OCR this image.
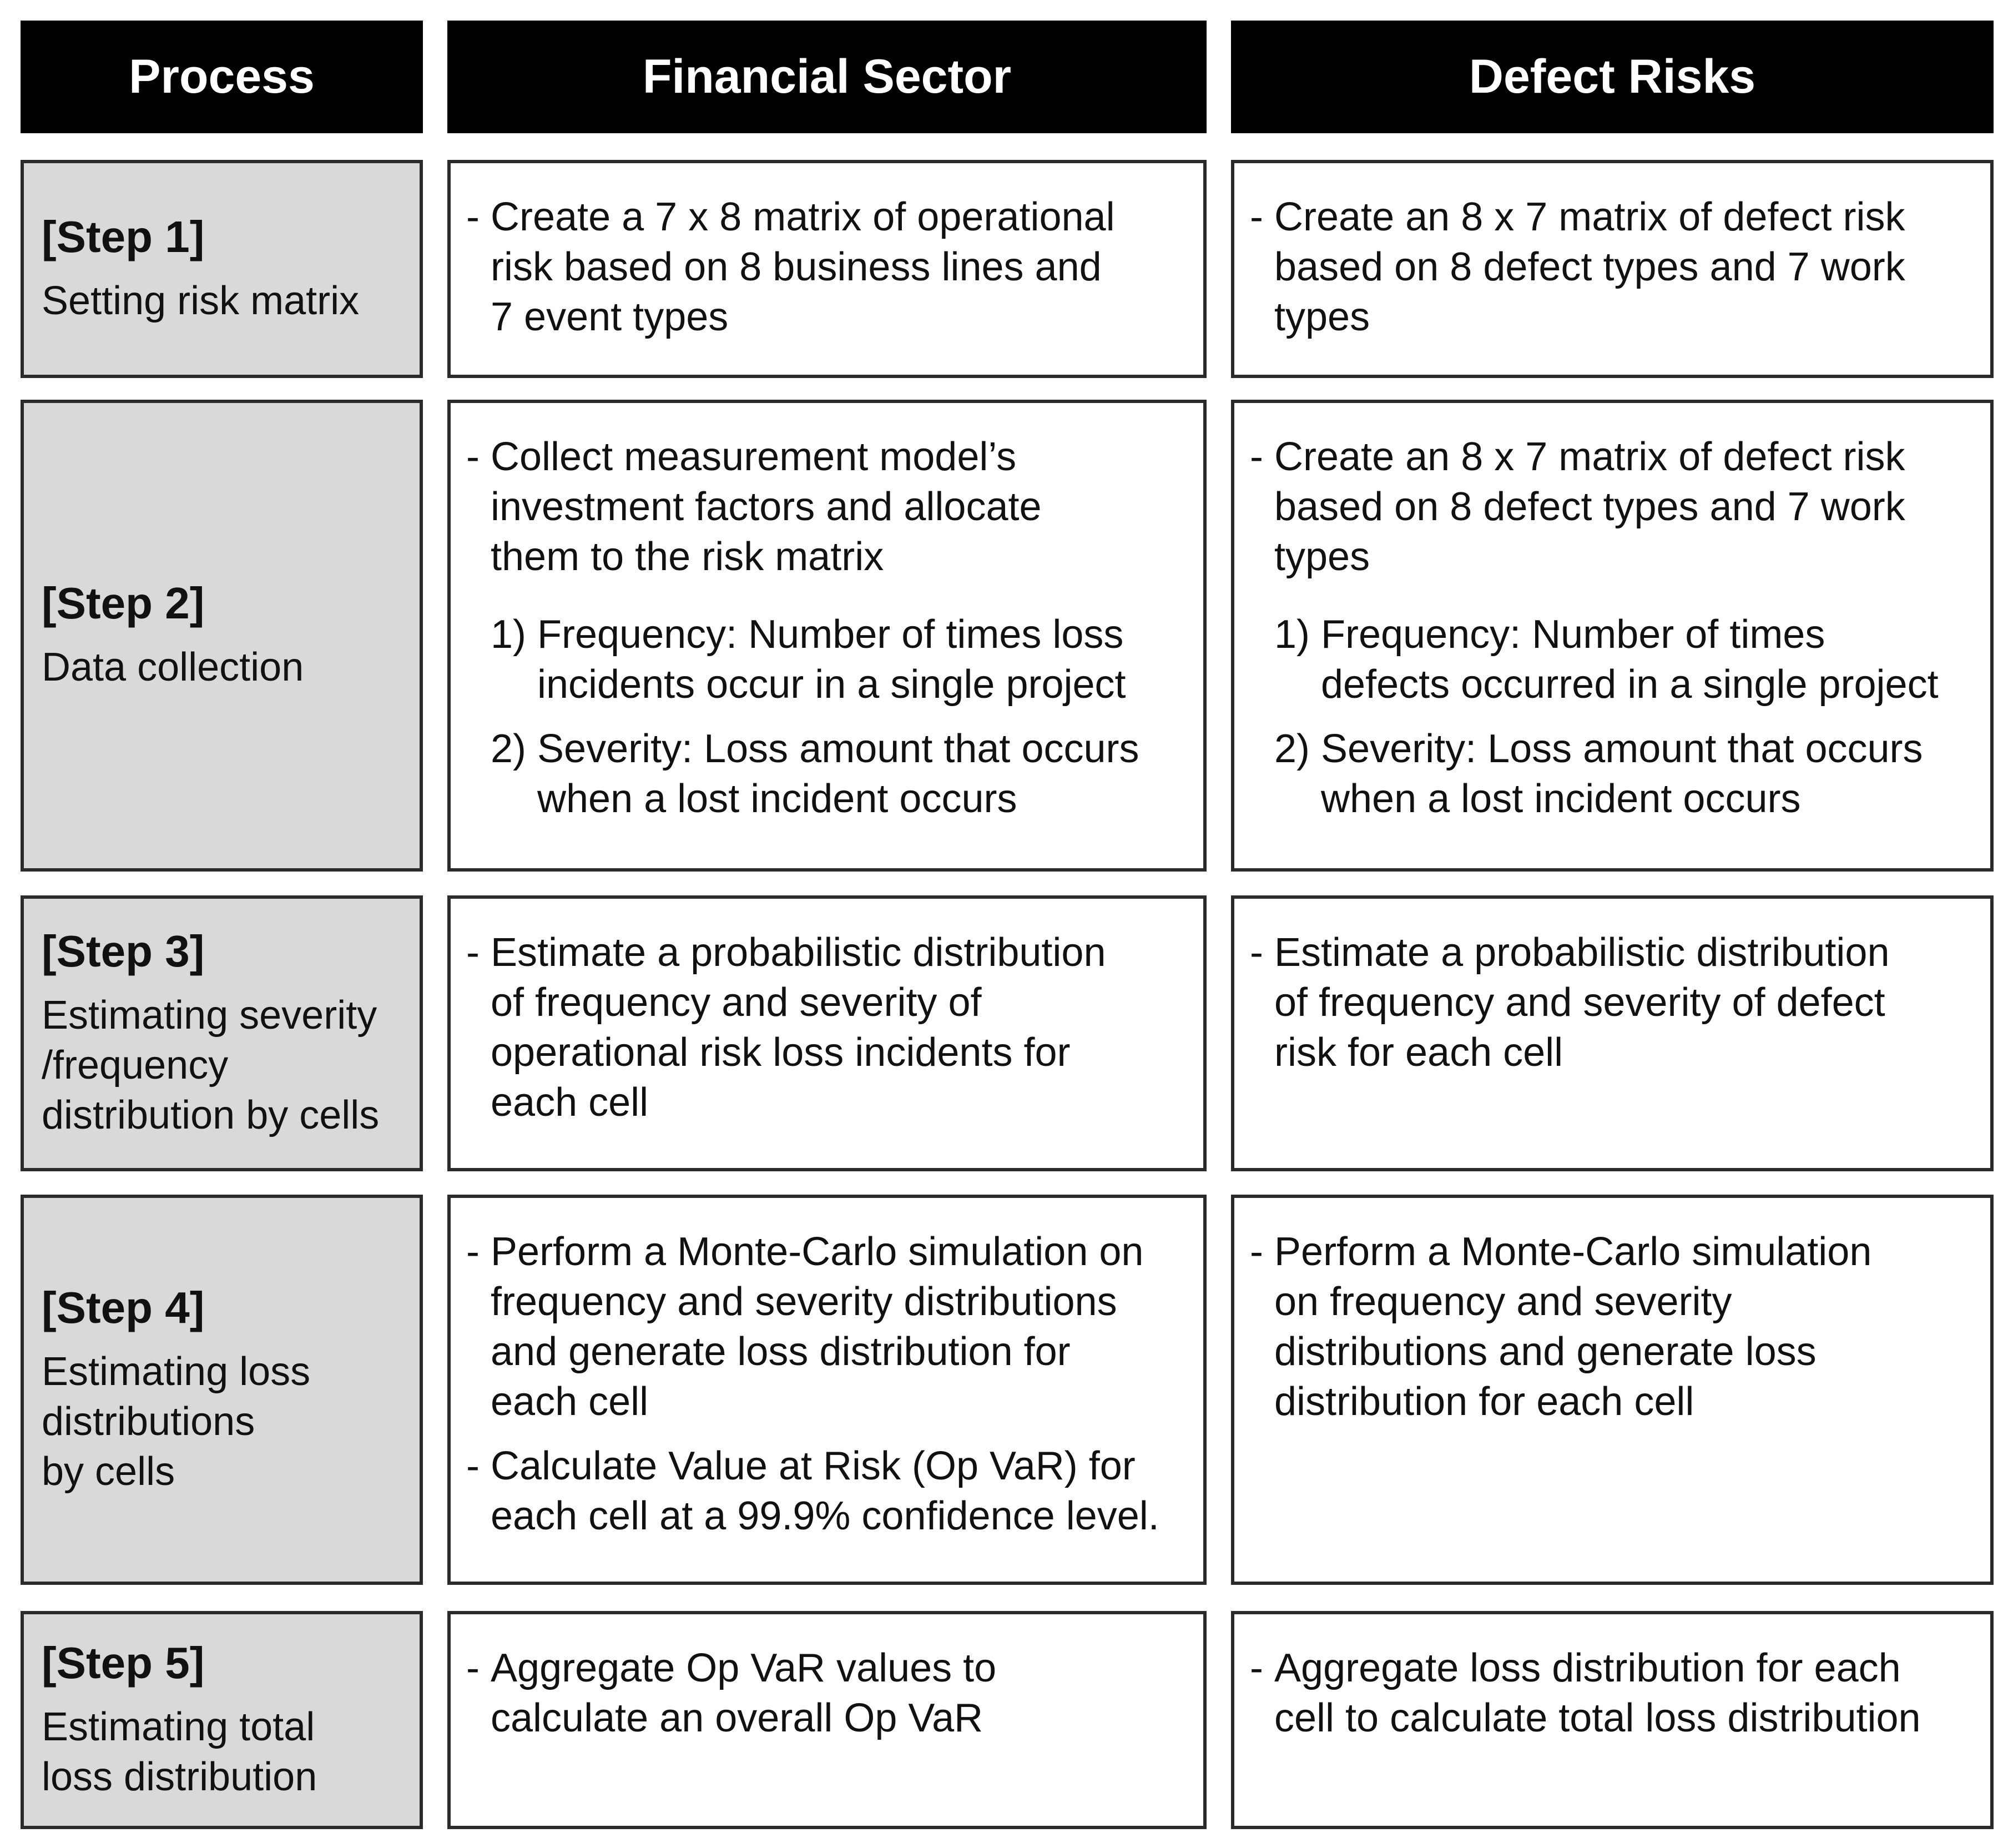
Process	Financial Sector	Defect Risks
[Step 1]
Setting risk matrix
- Create a 7 x 8 matrix of operational
risk based on 8 business lines and
7 event types
- Create an 8 x 7 matrix of defect risk
based on 8 defect types and 7 work
types
[Step 2]
Data collection
- Collect measurement model’s
investment factors and allocate
them to the risk matrix
1) Frequency: Number of times loss
incidents occur in a single project
2) Severity: Loss amount that occurs
when a lost incident occurs
- Create an 8 x 7 matrix of defect risk
based on 8 defect types and 7 work
types
1) Frequency: Number of times
defects occurred in a single project
2) Severity: Loss amount that occurs
when a lost incident occurs
[Step 3]
Estimating severity
/frequency
distribution by cells
- Estimate a probabilistic distribution
of frequency and severity of
operational risk loss incidents for
each cell
- Estimate a probabilistic distribution
of frequency and severity of defect
risk for each cell
[Step 4]
Estimating loss
distributions
by cells
- Perform a Monte-Carlo simulation on
frequency and severity distributions
and generate loss distribution for
each cell
- Calculate Value at Risk (Op VaR) for
each cell at a 99.9% confidence level.
- Perform a Monte-Carlo simulation
on frequency and severity
distributions and generate loss
distribution for each cell
[Step 5]
Estimating total
loss distribution
- Aggregate Op VaR values to
calculate an overall Op VaR
- Aggregate loss distribution for each
cell to calculate total loss distribution
